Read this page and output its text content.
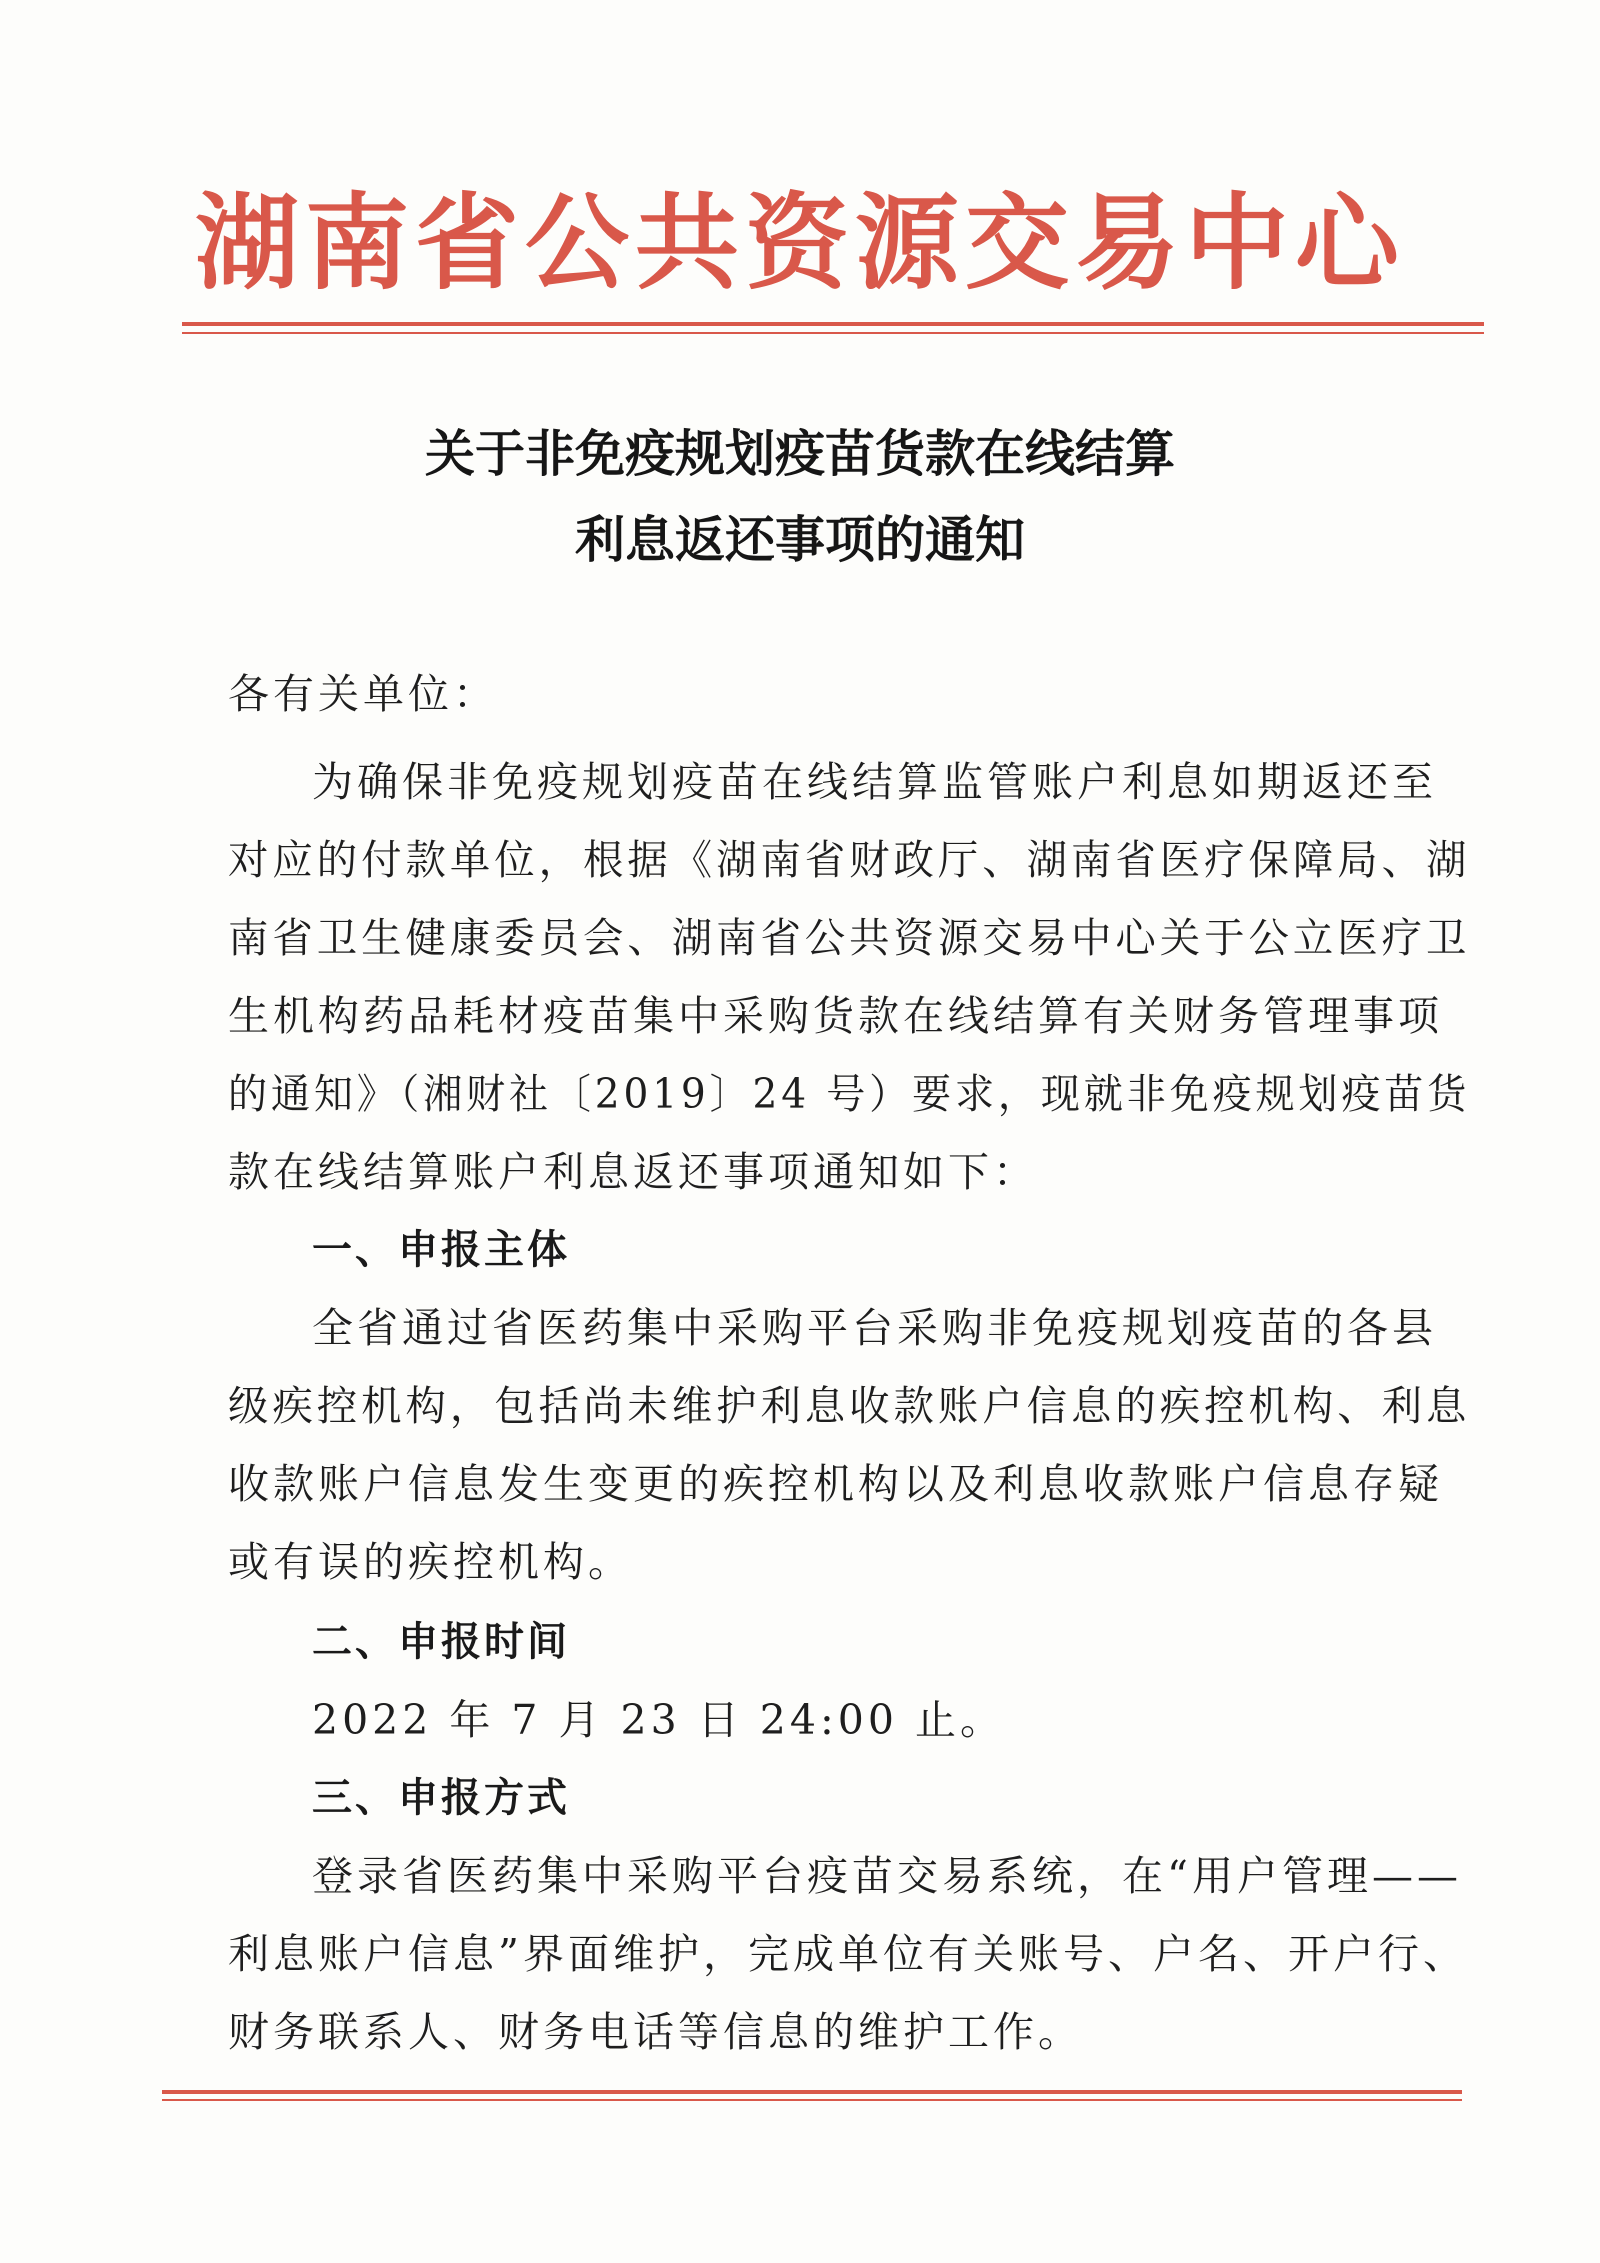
湖南省公共资源交易中心
关于非免疫规划疫苗货款在线结算
利息返还事项的通知
各有关单位：
为确保非免疫规划疫苗在线结算监管账户利息如期返还至
对应的付款单位，根据《湖南省财政厅、湖南省医疗保障局、湖
南省卫生健康委员会、湖南省公共资源交易中心关于公立医疗卫
生机构药品耗材疫苗集中采购货款在线结算有关财务管理事项
的通知》（湘财社〔2019〕24 号）要求，现就非免疫规划疫苗货
款在线结算账户利息返还事项通知如下：
一、申报主体
全省通过省医药集中采购平台采购非免疫规划疫苗的各县
级疾控机构，包括尚未维护利息收款账户信息的疾控机构、利息
收款账户信息发生变更的疾控机构以及利息收款账户信息存疑
或有误的疾控机构。
二、申报时间
2022 年 7 月 23 日 24:00 止。
三、申报方式
登录省医药集中采购平台疫苗交易系统，在“用户管理——
利息账户信息”界面维护，完成单位有关账号、户名、开户行、
财务联系人、财务电话等信息的维护工作。
